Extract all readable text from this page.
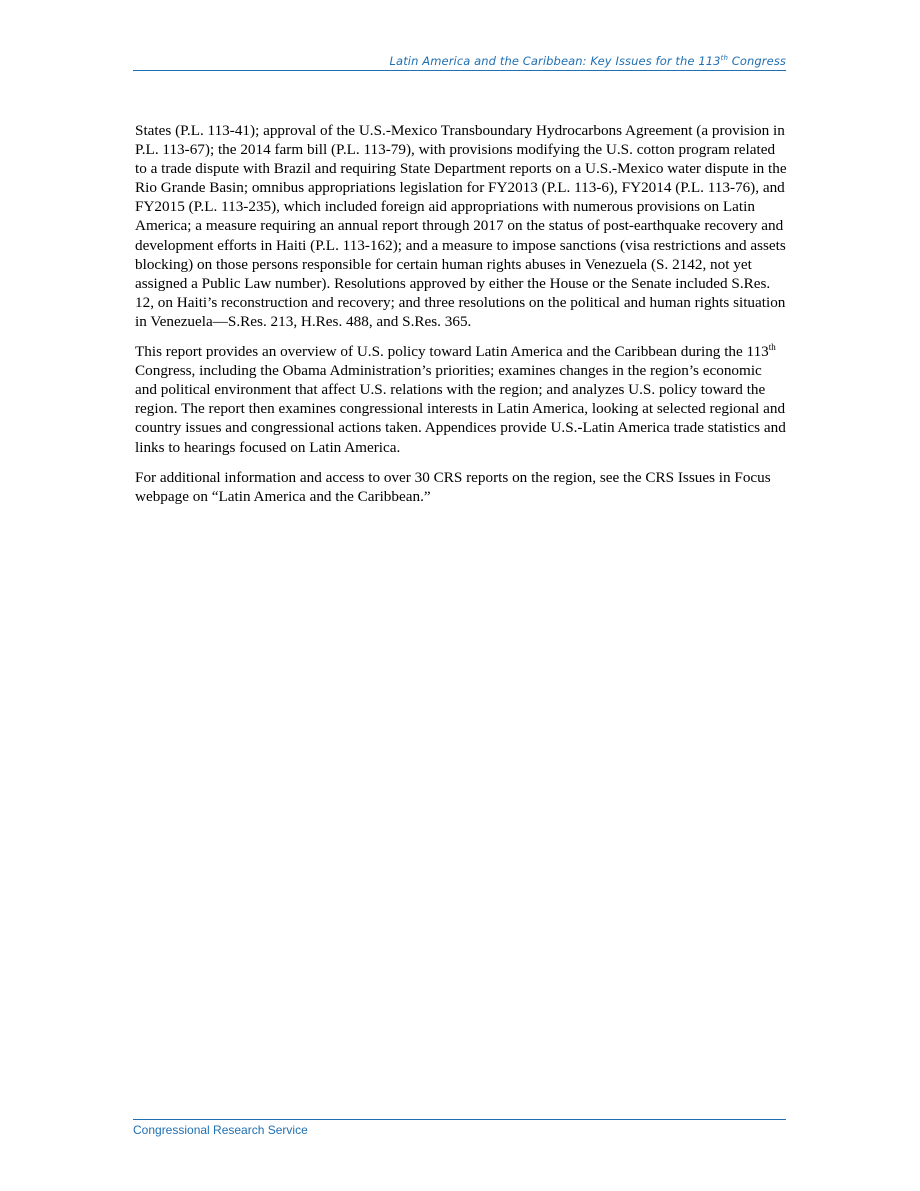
Latin America and the Caribbean: Key Issues for the 113th Congress

States (P.L. 113-41); approval of the U.S.-Mexico Transboundary Hydrocarbons Agreement (a provision in P.L. 113-67); the 2014 farm bill (P.L. 113-79), with provisions modifying the U.S. cotton program related to a trade dispute with Brazil and requiring State Department reports on a U.S.-Mexico water dispute in the Rio Grande Basin; omnibus appropriations legislation for FY2013 (P.L. 113-6), FY2014 (P.L. 113-76), and FY2015 (P.L. 113-235), which included foreign aid appropriations with numerous provisions on Latin America; a measure requiring an annual report through 2017 on the status of post-earthquake recovery and development efforts in Haiti (P.L. 113-162); and a measure to impose sanctions (visa restrictions and assets blocking) on those persons responsible for certain human rights abuses in Venezuela (S. 2142, not yet assigned a Public Law number). Resolutions approved by either the House or the Senate included S.Res. 12, on Haiti’s reconstruction and recovery; and three resolutions on the political and human rights situation in Venezuela—S.Res. 213, H.Res. 488, and S.Res. 365.

This report provides an overview of U.S. policy toward Latin America and the Caribbean during the 113th Congress, including the Obama Administration’s priorities; examines changes in the region’s economic and political environment that affect U.S. relations with the region; and analyzes U.S. policy toward the region. The report then examines congressional interests in Latin America, looking at selected regional and country issues and congressional actions taken. Appendices provide U.S.-Latin America trade statistics and links to hearings focused on Latin America.

For additional information and access to over 30 CRS reports on the region, see the CRS Issues in Focus webpage on “Latin America and the Caribbean.”

Congressional Research Service
